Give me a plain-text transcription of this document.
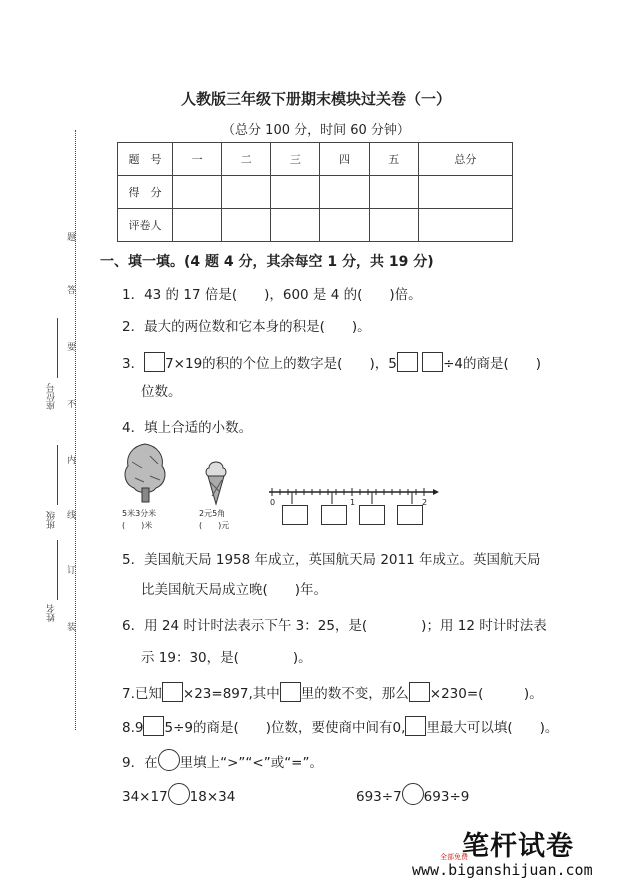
人教版三年级下册期末模块过关卷（一）
（总分 100 分，时间 60 分钟）
题　号	一	二	三	四	五	总分
得　分						
评卷人						
题
答
要
不
内
线
订
装
座位号
班级
姓名
一、填一填。(4 题 4 分，其余每空 1 分，共 19 分)
1．43 的 17 倍是(　　)，600 是 4 的(　　)倍。
2．最大的两位数和它本身的积是(　　)。
3． 7×19的积的个位上的数字是(　　)，5	÷4的商是(　　)
位数。
4．填上合适的小数。
5米3分米
(　　)米
2元5角
(　　)元
0	1	2
5．美国航天局 1958 年成立，英国航天局 2011 年成立。英国航天局
比美国航天局成立晚(　　)年。
6．用 24 时计时法表示下午 3：25，是(　　　　)；用 12 时计时法表
示 19：30，是(　　　　)。
7.已知 ×23=897,其中 里的数不变，那么 ×230=(　　　)。
8.9 5÷9的商是(　　)位数，要使商中间有0, 里最大可以填(　　)。
9．在 里填上“>”“<”或“=”。
34×17 18×34	693÷7 693÷9
笔杆试卷
全部免费
www.biganshijuan.com
